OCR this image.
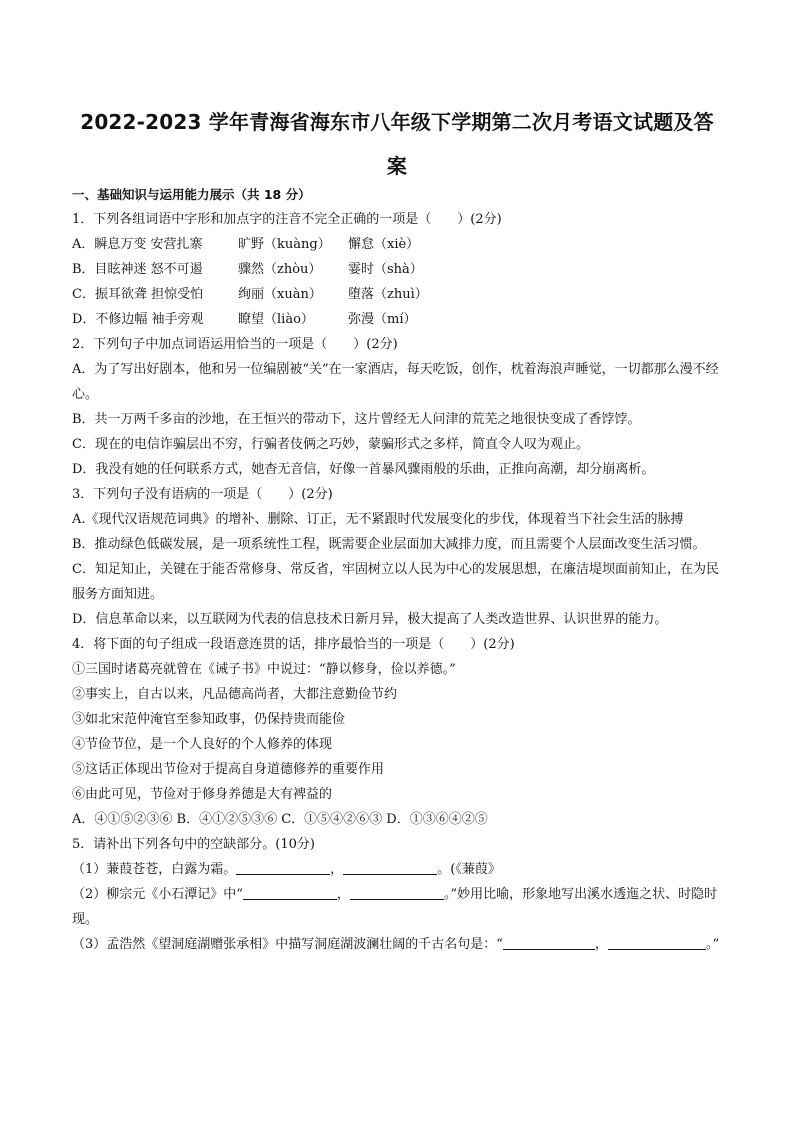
2022-2023 学年青海省海东市八年级下学期第二次月考语文试题及答
案

一、基础知识与运用能力展示（共 18 分）

1．下列各组词语中字形和加点字的注音不完全正确的一项是（　　）(2分)

A．瞬息万变 安营扎寨	旷野（kuàng） 懈怠（xiè）

B．目眩神迷 怒不可遏	骤然（zhòu） 霎时（shà）

C．振耳欲聋 担惊受怕	绚丽（xuàn） 堕落（zhuì）

D．不修边幅 袖手旁观	瞭望（liào）	弥漫（mí）

2．下列句子中加点词语运用恰当的一项是（　　）(2分)

A．为了写出好剧本，他和另一位编剧被“关”在一家酒店，每天吃饭，创作，枕着海浪声睡觉，一切都那么漫不经心。

B．共一万两千多亩的沙地，在王恒兴的带动下，这片曾经无人问津的荒芜之地很快变成了香饽饽。

C．现在的电信诈骗层出不穷，行骗者伎俩之巧妙，蒙骗形式之多样，简直令人叹为观止。

D．我没有她的任何联系方式，她杳无音信，好像一首暴风骤雨般的乐曲，正推向高潮，却分崩离析。

3．下列句子没有语病的一项是（　　）(2分)

A.《现代汉语规范词典》的增补、删除、订正，无不紧跟时代发展变化的步伐，体现着当下社会生活的脉搏

B．推动绿色低碳发展，是一项系统性工程，既需要企业层面加大减排力度，而且需要个人层面改变生活习惯。

C．知足知止，关键在于能否常修身、常反省，牢固树立以人民为中心的发展思想，在廉洁堤坝面前知止，在为民服务方面知进。

D．信息革命以来，以互联网为代表的信息技术日新月异，极大提高了人类改造世界、认识世界的能力。

4．将下面的句子组成一段语意连贯的话，排序最恰当的一项是（　　）(2分)

①三国时诸葛亮就曾在《诫子书》中说过：“静以修身，俭以养德。”

②事实上，自古以来，凡品德高尚者，大都注意勤俭节约

③如北宋范仲淹官至参知政事，仍保持贵而能俭

④节俭节位，是一个人良好的个人修养的体现

⑤这话正体现出节俭对于提高自身道德修养的重要作用

⑥由此可见，节俭对于修身养德是大有裨益的

A．④①⑤②③⑥ B．④①②⑤③⑥ C．①⑤④②⑥③ D．①③⑥④②⑤

5．请补出下列各句中的空缺部分。(10分)

（1）蒹葭苍苍，白露为霜。	，	。(《蒹葭》

（2）柳宗元《小石潭记》中“	，	。”妙用比喻，形象地写出溪水透迤之状、时隐时现。

（3）孟浩然《望洞庭湖赠张承相》中描写洞庭湖波澜壮阔的千古名句是：“	，	。”
